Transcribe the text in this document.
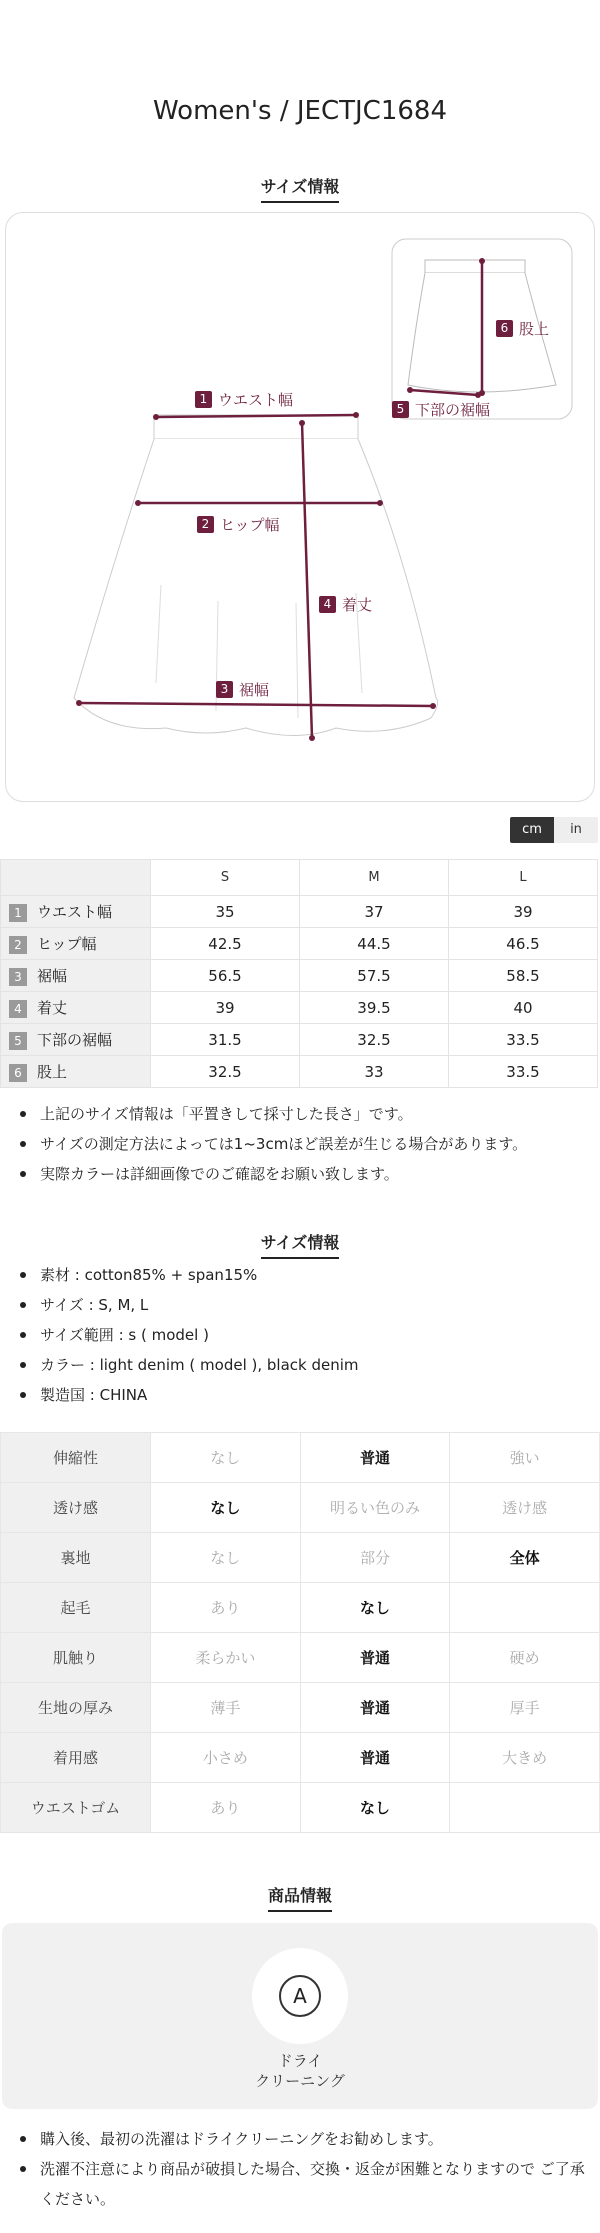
Women's / JECTJC1684
サイズ情報
1 ウエスト幅
2 ヒップ幅
3 裾幅
4 着丈
5 下部の裾幅
6 股上
cm	in
	S	M	L
1 ウエスト幅	35	37	39
2 ヒップ幅	42.5	44.5	46.5
3 裾幅	56.5	57.5	58.5
4 着丈	39	39.5	40
5 下部の裾幅	31.5	32.5	33.5
6 股上	32.5	33	33.5
上記のサイズ情報は「平置きして採寸した長さ」です。
サイズの測定方法によっては1~3cmほど誤差が生じる場合があります。
実際カラーは詳細画像でのご確認をお願い致します。
サイズ情報
素材 : cotton85% + span15%
サイズ : S, M, L
サイズ範囲 : s ( model )
カラー : light denim ( model ), black denim
製造国 : CHINA
伸縮性	なし	普通	強い
透け感	なし	明るい色のみ	透け感
裏地	なし	部分	全体
起毛	あり	なし	
肌触り	柔らかい	普通	硬め
生地の厚み	薄手	普通	厚手
着用感	小さめ	普通	大きめ
ウエストゴム	あり	なし	
商品情報
A
ドライ
クリーニング
購入後、最初の洗濯はドライクリーニングをお勧めします。
洗濯不注意により商品が破損した場合、交換・返金が困難となりますので ご了承ください。
